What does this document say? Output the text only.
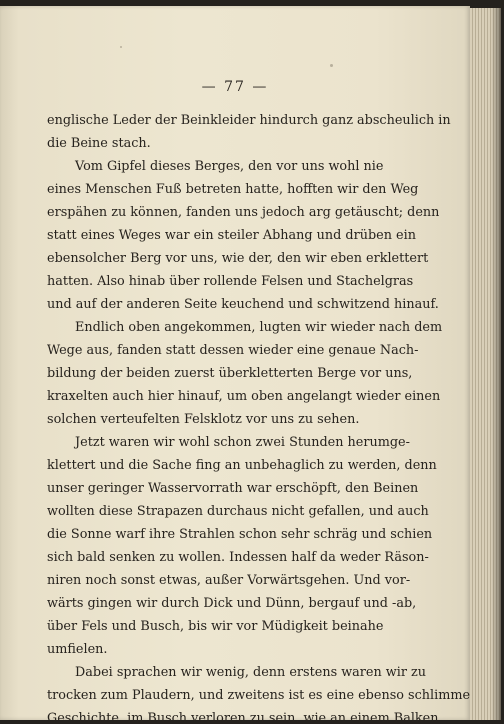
— 77 —
englische Leder der Beinkleider hindurch ganz abscheulich in
die Beine stach.
Vom Gipfel dieses Berges, den vor uns wohl nie
eines Menschen Fuß betreten hatte, hofften wir den Weg
erspähen zu können, fanden uns jedoch arg getäuscht; denn
statt eines Weges war ein steiler Abhang und drüben ein
ebensolcher Berg vor uns, wie der, den wir eben erklettert
hatten. Also hinab über rollende Felsen und Stachelgras
und auf der anderen Seite keuchend und schwitzend hinauf.
Endlich oben angekommen, lugten wir wieder nach dem
Wege aus, fanden statt dessen wieder eine genaue Nach-
bildung der beiden zuerst überkletterten Berge vor uns,
kraxelten auch hier hinauf, um oben angelangt wieder einen
solchen verteufelten Felsklotz vor uns zu sehen.
Jetzt waren wir wohl schon zwei Stunden herumge-
klettert und die Sache fing an unbehaglich zu werden, denn
unser geringer Wasservorrath war erschöpft, den Beinen
wollten diese Strapazen durchaus nicht gefallen, und auch
die Sonne warf ihre Strahlen schon sehr schräg und schien
sich bald senken zu wollen. Indessen half da weder Räson-
niren noch sonst etwas, außer Vorwärtsgehen. Und vor-
wärts gingen wir durch Dick und Dünn, bergauf und -ab,
über Fels und Busch, bis wir vor Müdigkeit beinahe
umfielen.
Dabei sprachen wir wenig, denn erstens waren wir zu
trocken zum Plaudern, und zweitens ist es eine ebenso schlimme
Geschichte, im Busch verloren zu sein, wie an einem Balken
